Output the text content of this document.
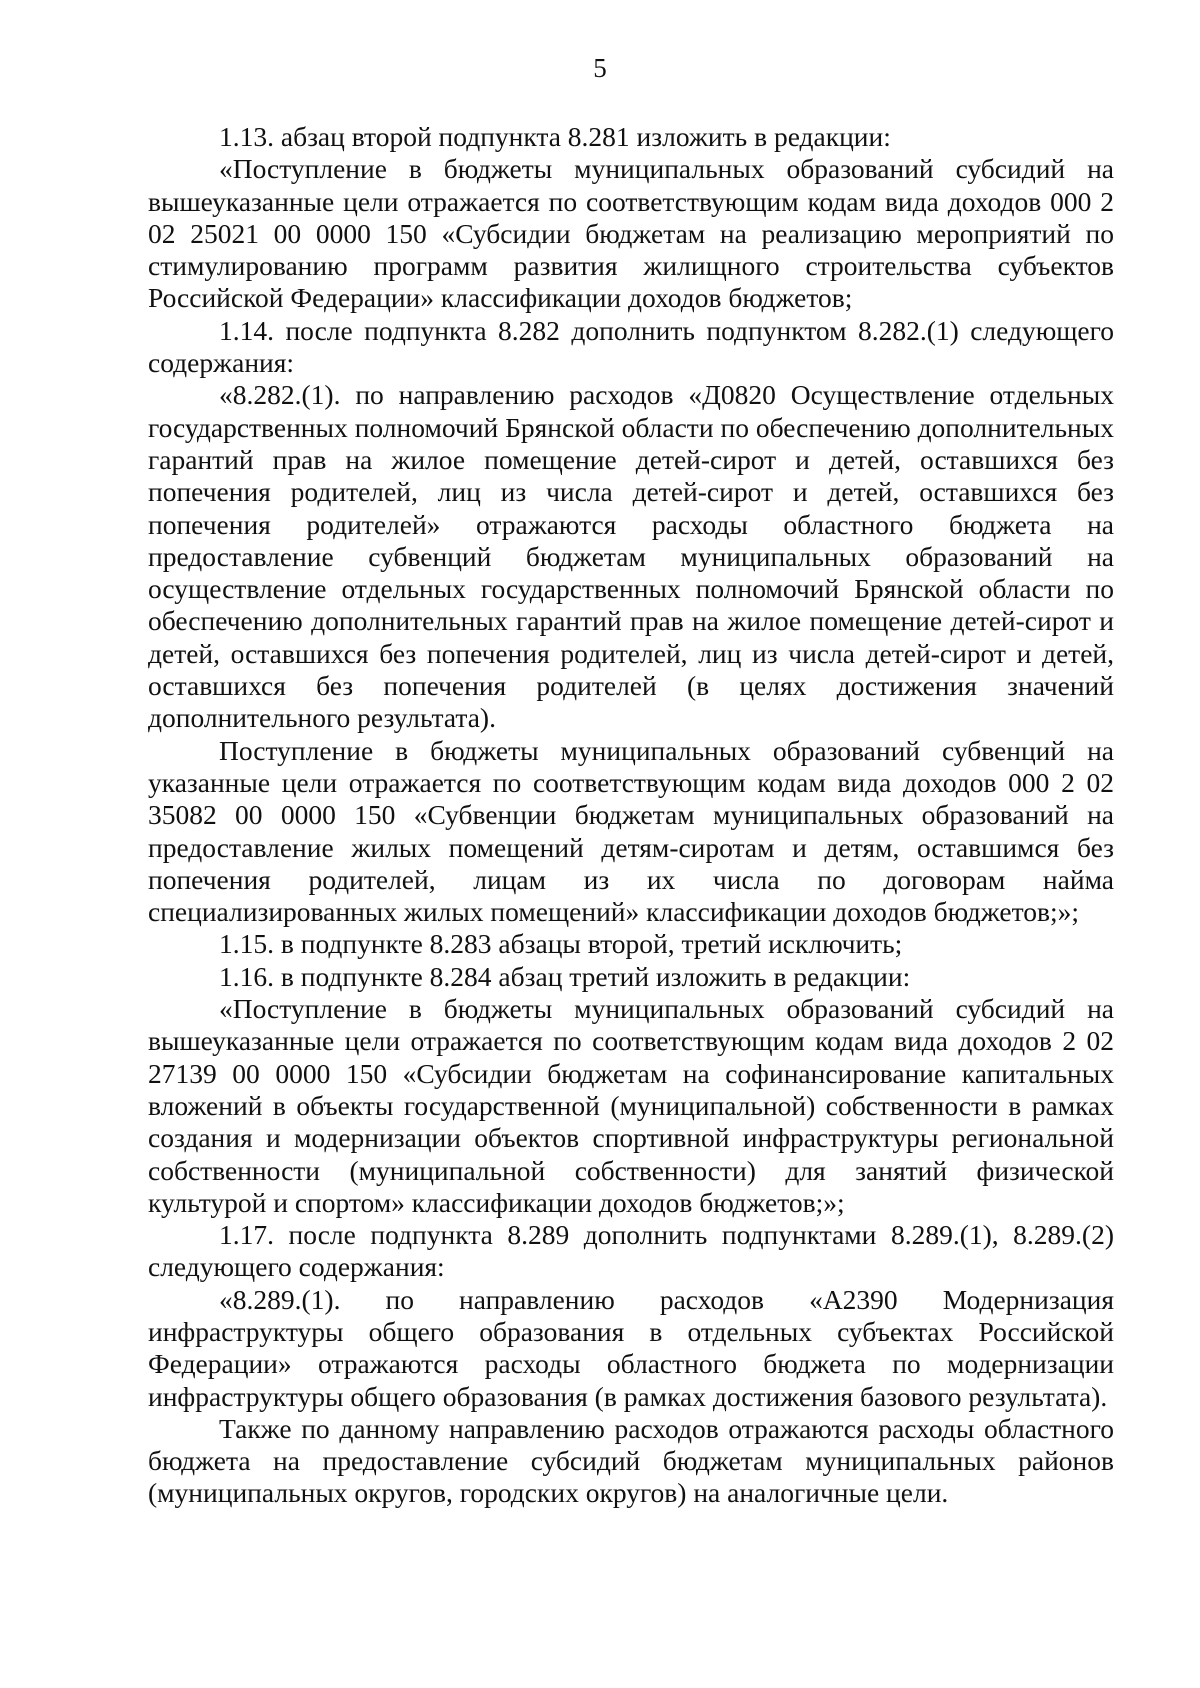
5

1.13. абзац второй подпункта 8.281 изложить в редакции:

«Поступление в бюджеты муниципальных образований субсидий на вышеуказанные цели отражается по соответствующим кодам вида доходов 000 2 02 25021 00 0000 150 «Субсидии бюджетам на реализацию мероприятий по стимулированию программ развития жилищного строительства субъектов Российской Федерации» классификации доходов бюджетов;

1.14. после подпункта 8.282 дополнить подпунктом 8.282.(1) следующего содержания:

«8.282.(1). по направлению расходов «Д0820 Осуществление отдельных государственных полномочий Брянской области по обеспечению дополнительных гарантий прав на жилое помещение детей-сирот и детей, оставшихся без попечения родителей, лиц из числа детей-сирот и детей, оставшихся без попечения родителей» отражаются расходы областного бюджета на предоставление субвенций бюджетам муниципальных образований на осуществление отдельных государственных полномочий Брянской области по обеспечению дополнительных гарантий прав на жилое помещение детей-сирот и детей, оставшихся без попечения родителей, лиц из числа детей-сирот и детей, оставшихся без попечения родителей (в целях достижения значений дополнительного результата).

Поступление в бюджеты муниципальных образований субвенций на указанные цели отражается по соответствующим кодам вида доходов 000 2 02 35082 00 0000 150 «Субвенции бюджетам муниципальных образований на предоставление жилых помещений детям-сиротам и детям, оставшимся без попечения родителей, лицам из их числа по договорам найма специализированных жилых помещений» классификации доходов бюджетов;»;

1.15. в подпункте 8.283 абзацы второй, третий исключить;

1.16. в подпункте 8.284 абзац третий изложить в редакции:

«Поступление в бюджеты муниципальных образований субсидий на вышеуказанные цели отражается по соответствующим кодам вида доходов 2 02 27139 00 0000 150 «Субсидии бюджетам на софинансирование капитальных вложений в объекты государственной (муниципальной) собственности в рамках создания и модернизации объектов спортивной инфраструктуры региональной собственности (муниципальной собственности) для занятий физической культурой и спортом» классификации доходов бюджетов;»;

1.17. после подпункта 8.289 дополнить подпунктами 8.289.(1), 8.289.(2) следующего содержания:

«8.289.(1). по направлению расходов «А2390 Модернизация инфраструктуры общего образования в отдельных субъектах Российской Федерации» отражаются расходы областного бюджета по модернизации инфраструктуры общего образования (в рамках достижения базового результата).

Также по данному направлению расходов отражаются расходы областного бюджета на предоставление субсидий бюджетам муниципальных районов (муниципальных округов, городских округов) на аналогичные цели.
